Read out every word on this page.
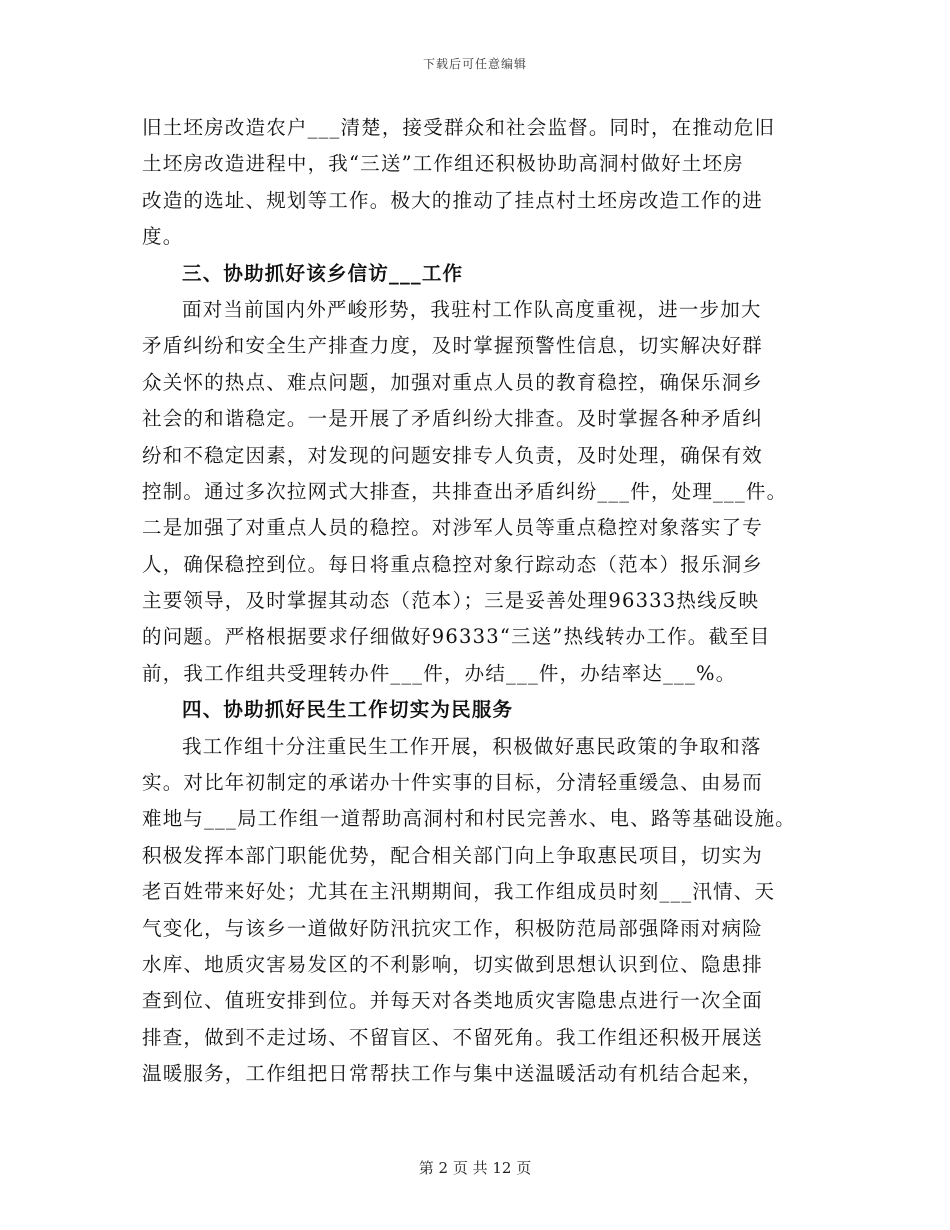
下载后可任意编辑
旧土坯房改造农户___清楚，接受群众和社会监督。同时，在推动危旧
土坯房改造进程中，我“三送”工作组还积极协助高洞村做好土坯房
改造的选址、规划等工作。极大的推动了挂点村土坯房改造工作的进
度。
三、协助抓好该乡信访___工作
面对当前国内外严峻形势，我驻村工作队高度重视，进一步加大
矛盾纠纷和安全生产排查力度，及时掌握预警性信息，切实解决好群
众关怀的热点、难点问题，加强对重点人员的教育稳控，确保乐洞乡
社会的和谐稳定。一是开展了矛盾纠纷大排查。及时掌握各种矛盾纠
纷和不稳定因素，对发现的问题安排专人负责，及时处理，确保有效
控制。通过多次拉网式大排查，共排查出矛盾纠纷___件，处理___件。
二是加强了对重点人员的稳控。对涉军人员等重点稳控对象落实了专
人，确保稳控到位。每日将重点稳控对象行踪动态（范本）报乐洞乡
主要领导，及时掌握其动态（范本）；三是妥善处理96333热线反映
的问题。严格根据要求仔细做好96333“三送”热线转办工作。截至目
前，我工作组共受理转办件___件，办结___件，办结率达___%。
四、协助抓好民生工作切实为民服务
我工作组十分注重民生工作开展，积极做好惠民政策的争取和落
实。对比年初制定的承诺办十件实事的目标，分清轻重缓急、由易而
难地与___局工作组一道帮助高洞村和村民完善水、电、路等基础设施。
积极发挥本部门职能优势，配合相关部门向上争取惠民项目，切实为
老百姓带来好处；尤其在主汛期期间，我工作组成员时刻___汛情、天
气变化，与该乡一道做好防汛抗灾工作，积极防范局部强降雨对病险
水库、地质灾害易发区的不利影响，切实做到思想认识到位、隐患排
查到位、值班安排到位。并每天对各类地质灾害隐患点进行一次全面
排查，做到不走过场、不留盲区、不留死角。我工作组还积极开展送
温暖服务，工作组把日常帮扶工作与集中送温暖活动有机结合起来，
第 2 页 共 12 页
